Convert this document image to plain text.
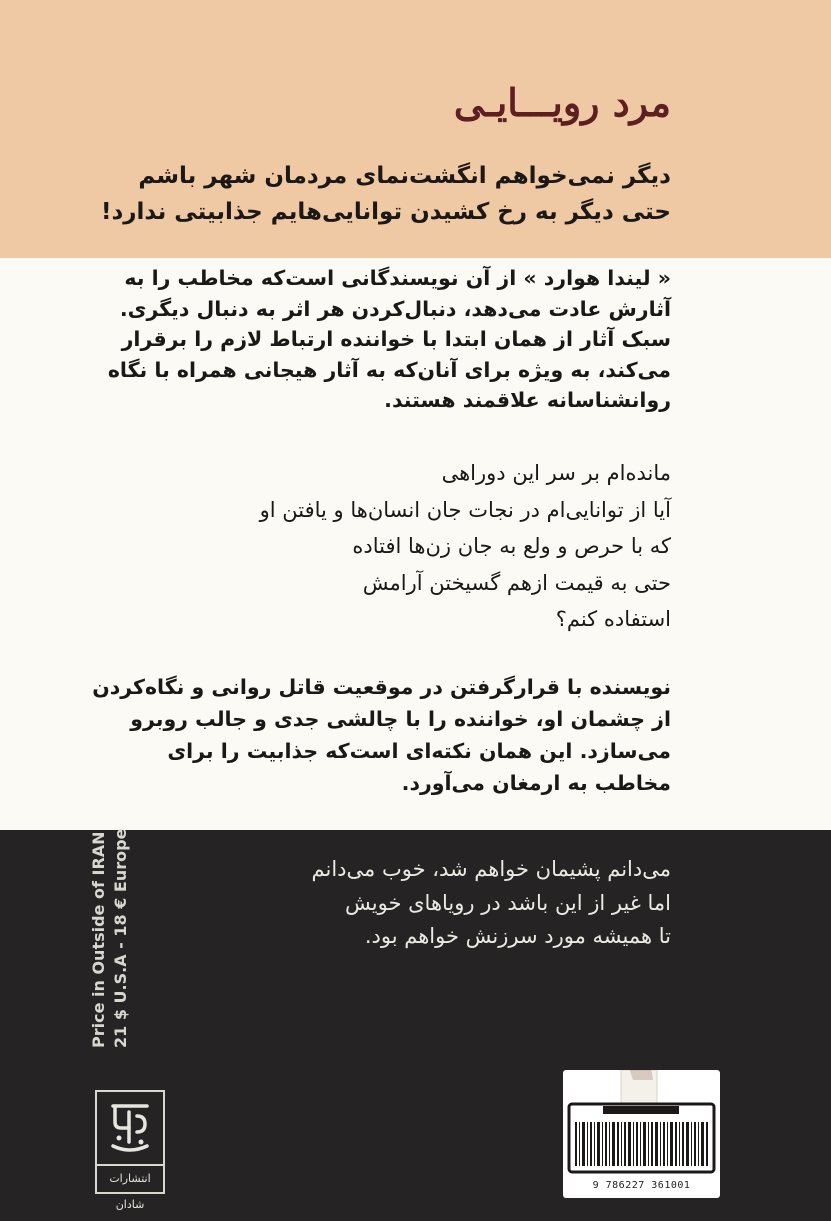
مرد رویـــایـی
دیگر نمی‌خواهم انگشت‌نمای مردمان شهر باشم
حتی دیگر به رخ کشیدن توانایی‌هایم جذابیتی ندارد!
« لیندا هوارد » از آن نویسندگانی است‌که مخاطب را به
آثارش عادت می‌دهد، دنبال‌کردن هر اثر به دنبال دیگری.
سبک آثار از همان ابتدا با خواننده ارتباط لازم را برقرار
می‌کند، به ویژه برای آنان‌که به آثار هیجانی همراه با نگاه
روانشناسانه علاقمند هستند.
مانده‌ام بر سر این دوراهی
آیا از توانایی‌ام در نجات جان انسان‌ها و یافتن او
که با حرص و ولع به جان زن‌ها افتاده
حتی به قیمت ازهم گسیختن آرامش
استفاده کنم؟
نویسنده با قرارگرفتن در موقعیت قاتل روانی و نگاه‌کردن
از چشمان او، خواننده را با چالشی جدی و جالب روبرو
می‌سازد. این همان نکته‌ای است‌که جذابیت را برای
مخاطب به ارمغان می‌آورد.
می‌دانم پشیمان خواهم شد، خوب می‌دانم
اما غیر از این باشد در رویاهای خویش
تا همیشه مورد سرزنش خواهم بود.
Price in Outside of IRAN 21 $ U.S.A - 18 € Europe
انتشارات شادان
9 786227 361001
